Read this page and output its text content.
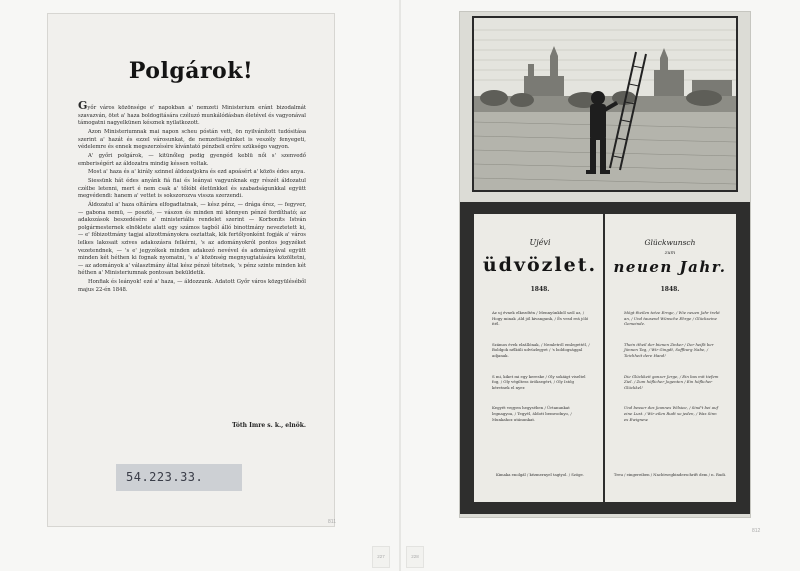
Polgárok!

Győr város közönsége e' napokban a' nemzeti Ministerium eránt bizodalmát szavazván, ötet a' haza boldogitására czéluzó munkálódásban életével és vagyonával támogatni nagyelkünen késznek nyilatkozott.

Azon Ministeriumnak mai napon scheu póstán vett, ön nyilvánított tudósitása szerint a' hazát és ezzel városunkat, de nemzetiségünket is veszély fenyegeti, védelemre és ennek megszerzésére kívántató pénzbeli erőre szükségo vagyon.

A' győri polgárok, — kitünőleg pedig gyengéd keblü női s' szenvedő emberiségért az áldozatra mindig késsen voltak.

Most a' haza és a' király szinnel áldozatjokra és ezd apoásért a' közös édes anya.

Siessünk hát édes anyánk fiá fiai és leányai vagyunknak egy részét áldozatul czélbe letenni, mert é nem csak a' tőlóbl életünkkel és szabadságunkkal együtt megvédendi: hanem a' vettet is sokszorozva vissza szerzendi.

Áldozatul a' haza oltárára elfogadtatnak, — kész pénz, — drága érez, — fegyver, — gabona nemü, — posztó, — vászon és minden mi könnyen pénzé fordítható; az adakozások beszedésére a' ministeriális rendelet szerint — Korbonits István polgármesternek elnöklete alatt egy számos tagból álló binottmány neveztetett ki, — e' főbizottmány tagjai alizottmányokra osztattak, kik fertőlyonként fogják a' város lelkes lakosait szives adakozásra felkérni, 's az adományokról pontos jegyzéket vezetendnek, — 's e' jegyzékek minden adakozó nevével és adományával együtt minden két héthen ki fognak nyomatni, 's a' közönség megnyugtatására közöltetni, — az adományok a' választmány által kész pénzé tétetnek, 's pénz szinte minden két héthen a' Ministeriumnak pontosan beküldetik.

Honfiak és leányok! ezé a' haza, — áldozzunk. Adatott Győr város közgyüléséből majus 22-én 1848.

Tóth Imre s. k., elnök.
54.223.33.
811
Ujévi
üdvözlet.
1848.
Az uj évnek elkezdtén / Mennyünkből szól az, / Hogy minak ,áld jól kivangunk, / És vesd reá jóló itél.
Számos évek elzállónak, / Nemletről emlegettél, / Boldgok nélküli udvüzlegyet / 's boldogsággal adjanak.
S mi, kiket mi egy kereske / Oly sokáigt viseltel fog, / Oly végiltess öröksegért, / Oly Istőg kéretnek el nyer.
Kegyét vegyen hegysében / Úrtanunkat legnagyoa, / Tegyél, áldott bemvodnyo, / Munkahoz utánunkat.
Kimaka enolgál / kézmernyel tagtyol. / Szöge.
Glückwunsch
zum
neuen Jahr.
1848.
Mögt theilen tetze Ernge, / Wie neuen Jahr trekt an, / Und tausend Wünsche Ehrge / Glückseine Gemeinde.
Thein itheil der bienen Zinker / Der heißt ber Jünnen Tag, / Wir Gingdt, Soffburg Nabe, / Teichheit dere Hand!
Die Glückkeit ganzer Jerge, / Ein bas mit tiefem Ziel. / Zum höflicher Jogenten / Ein höflicher Glückkel!
Und besser des Jeannes Wilsiee, / Sind't bei auf eine Lust. / Wir eilen Rudt so jeden, / Was Sinn es Ewignew.
Treu / eingereiben / Nachtwegbinderschrift dem / n. Rudi.
812
227	228
